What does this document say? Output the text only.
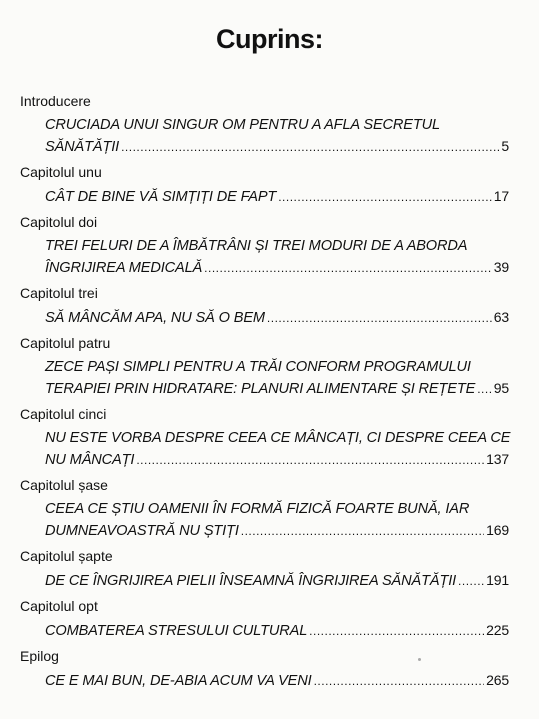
Cuprins:
Introducere
CRUCIADA UNUI SINGUR OM PENTRU A AFLA SECRETUL
SĂNĂTĂȚII .....	5
Capitolul unu
CÂT DE BINE VĂ SIMȚIȚI DE FAPT .....	17
Capitolul doi
TREI FELURI DE A ÎMBĂTRÂNI ȘI TREI MODURI DE A ABORDA
ÎNGRIJIREA MEDICALĂ .....	39
Capitolul trei
SĂ MÂNCĂM APA, NU SĂ O BEM .....	63
Capitolul patru
ZECE PAȘI SIMPLI PENTRU A TRĂI CONFORM PROGRAMULUI
TERAPIEI PRIN HIDRATARE: PLANURI ALIMENTARE ȘI REȚETE ..... 95
Capitolul cinci
NU ESTE VORBA DESPRE CEEA CE MÂNCAȚI, CI DESPRE CEEA CE
NU MÂNCAȚI .....	137
Capitolul șase
CEEA CE ȘTIU OAMENII ÎN FORMĂ FIZICĂ FOARTE BUNĂ, IAR
DUMNEAVOASTRĂ NU ȘTIȚI .....	169
Capitolul șapte
DE CE ÎNGRIJIREA PIELII ÎNSEAMNĂ ÎNGRIJIREA SĂNĂTĂȚII ..... 191
Capitolul opt
COMBATEREA STRESULUI CULTURAL .....	225
Epilog
CE E MAI BUN, DE-ABIA ACUM VA VENI .....	265
